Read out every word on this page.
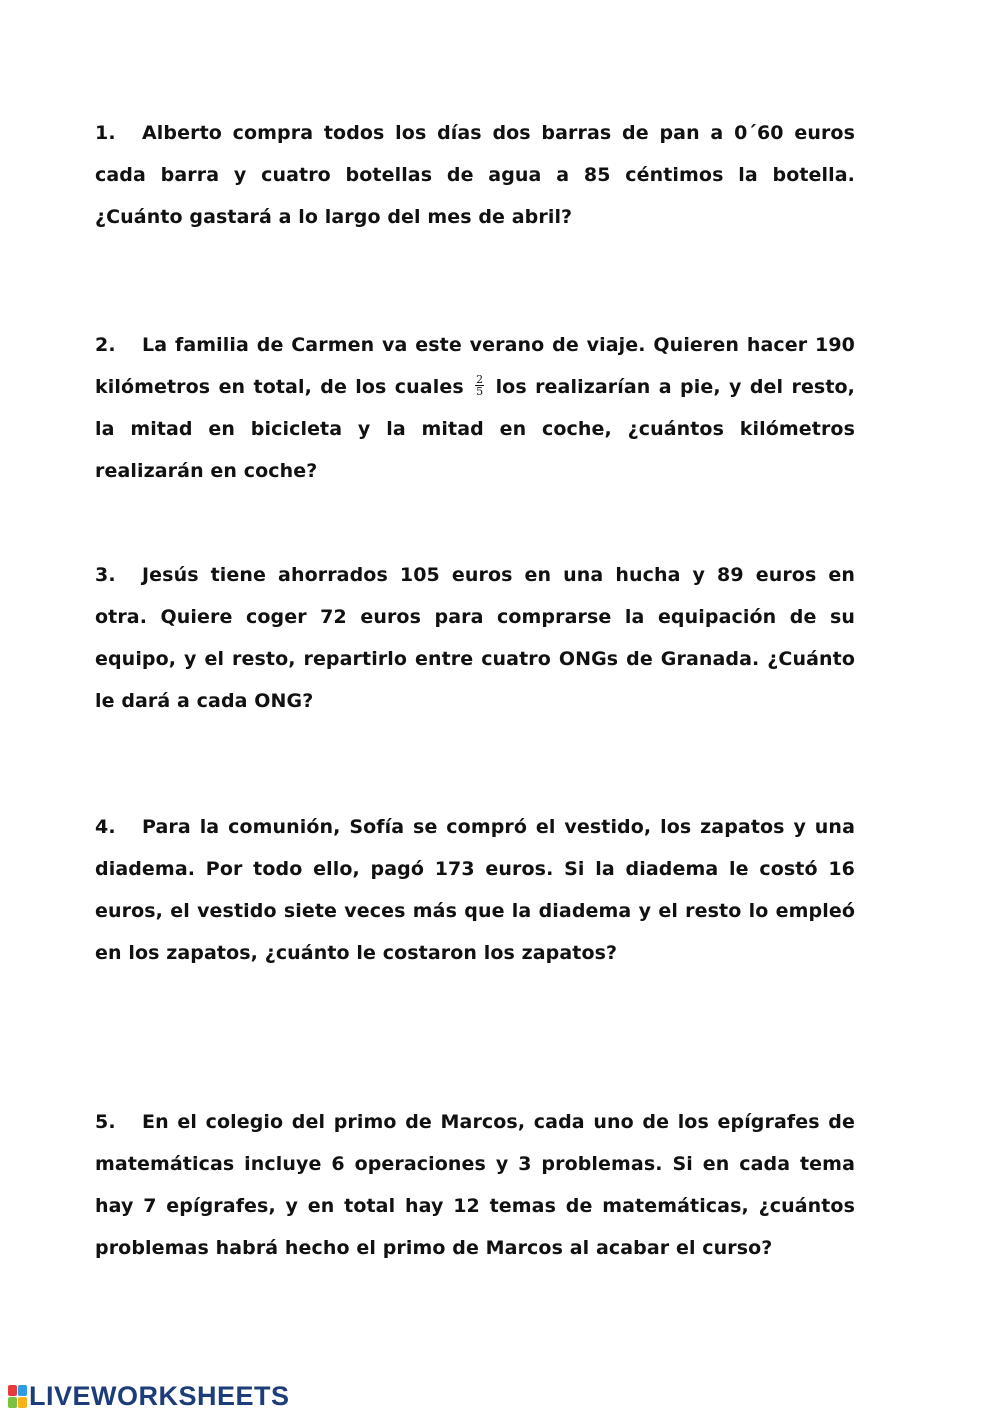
1. Alberto compra todos los días dos barras de pan a 0´60 euros cada barra y cuatro botellas de agua a 85 céntimos la botella. ¿Cuánto gastará a lo largo del mes de abril?
2. La familia de Carmen va este verano de viaje. Quieren hacer 190 kilómetros en total, de los cuales $\frac{2}{5}$ los realizarían a pie, y del resto, la mitad en bicicleta y la mitad en coche, ¿cuántos kilómetros realizarán en coche?
3. Jesús tiene ahorrados 105 euros en una hucha y 89 euros en otra. Quiere coger 72 euros para comprarse la equipación de su equipo, y el resto, repartirlo entre cuatro ONGs de Granada. ¿Cuánto le dará a cada ONG?
4. Para la comunión, Sofía se compró el vestido, los zapatos y una diadema. Por todo ello, pagó 173 euros. Si la diadema le costó 16 euros, el vestido siete veces más que la diadema y el resto lo empleó en los zapatos, ¿cuánto le costaron los zapatos?
5. En el colegio del primo de Marcos, cada uno de los epígrafes de matemáticas incluye 6 operaciones y 3 problemas. Si en cada tema hay 7 epígrafes, y en total hay 12 temas de matemáticas, ¿cuántos problemas habrá hecho el primo de Marcos al acabar el curso?
LIVEWORKSHEETS
